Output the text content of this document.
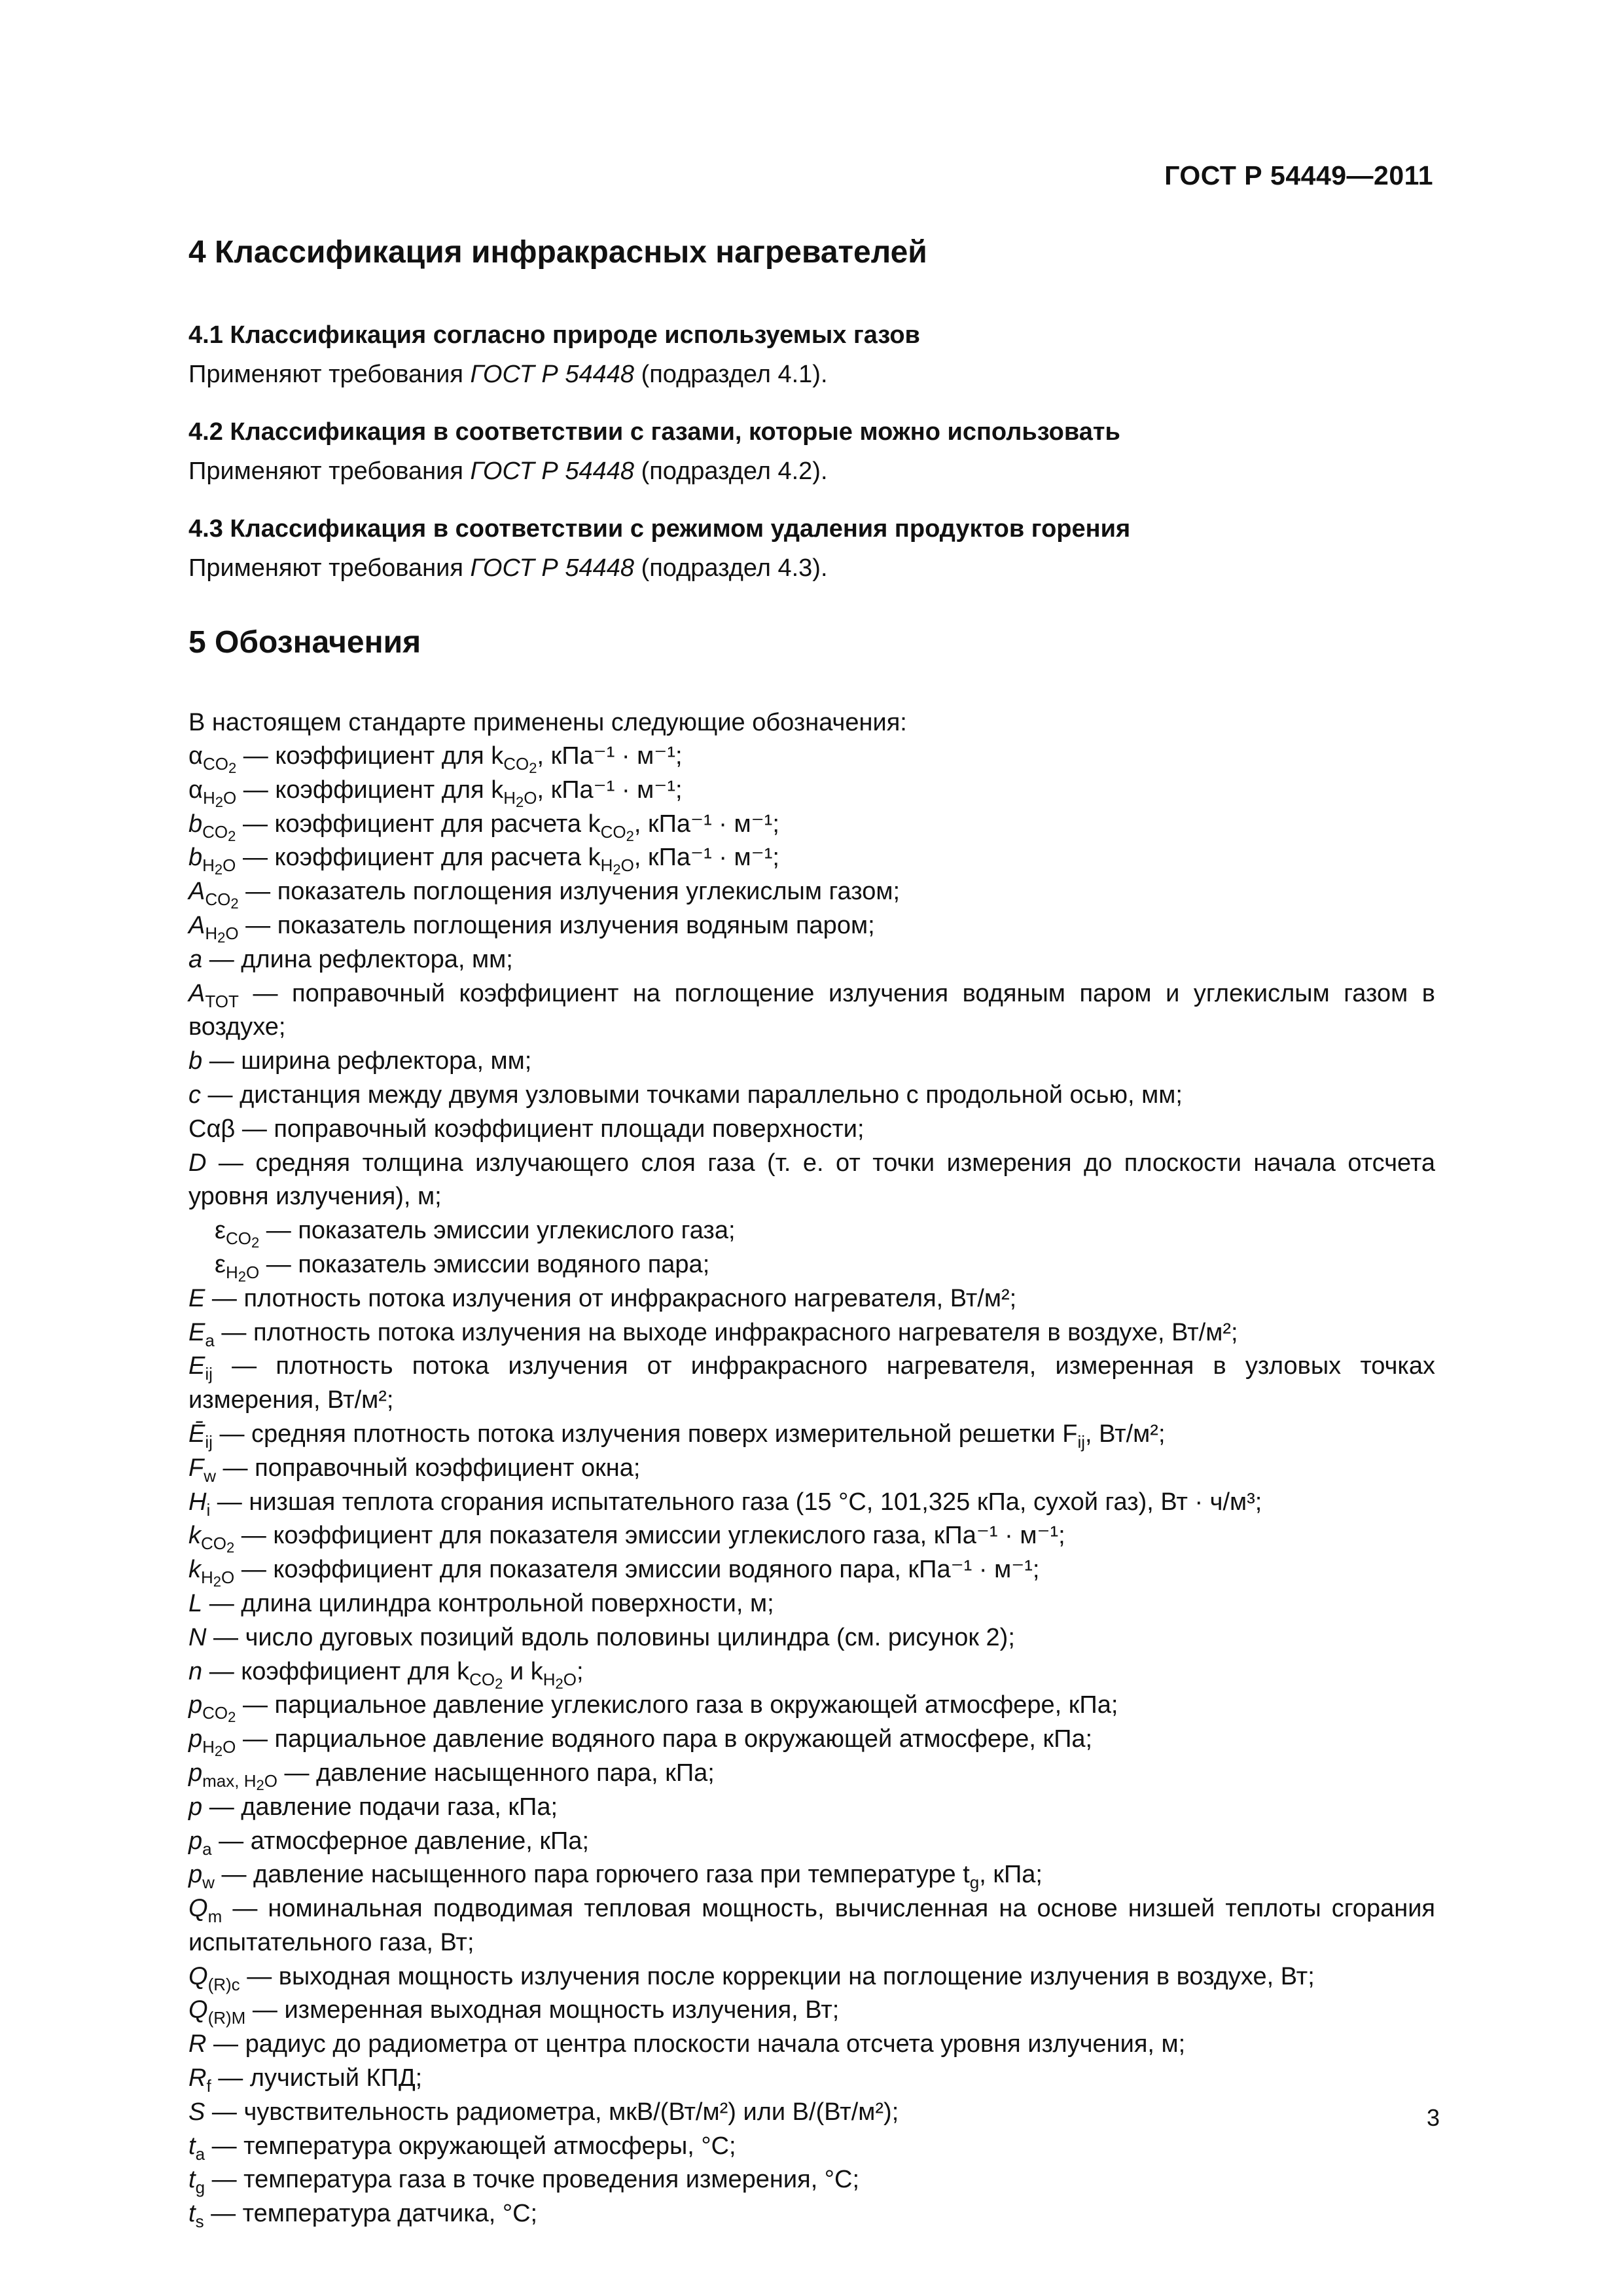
ГОСТ Р 54449—2011
4 Классификация инфракрасных нагревателей

4.1 Классификация согласно природе используемых газов

Применяют требования ГОСТ Р 54448 (подраздел 4.1).

4.2 Классификация в соответствии с газами, которые можно использовать

Применяют требования ГОСТ Р 54448 (подраздел 4.2).

4.3 Классификация в соответствии с режимом удаления продуктов горения

Применяют требования ГОСТ Р 54448 (подраздел 4.3).

5 Обозначения

В настоящем стандарте применены следующие обозначения:

$\alpha_{CO2}$ — коэффициент для $k_{CO2}$, кПа⁻¹ · м⁻¹;
$\alpha_{H2O}$ — коэффициент для $k_{H2O}$, кПа⁻¹ · м⁻¹;
$b_{CO2}$ — коэффициент для расчета $k_{CO2}$, кПа⁻¹ · м⁻¹;
$b_{H2O}$ — коэффициент для расчета $k_{H2O}$, кПа⁻¹ · м⁻¹;
$A_{CO2}$ — показатель поглощения излучения углекислым газом;
$A_{H2O}$ — показатель поглощения излучения водяным паром;
a — длина рефлектора, мм;
$A_{TOT}$ — поправочный коэффициент на поглощение излучения водяным паром и углекислым газом в воздухе;
b — ширина рефлектора, мм;
c — дистанция между двумя узловыми точками параллельно с продольной осью, мм;
Cαβ — поправочный коэффициент площади поверхности;
D — средняя толщина излучающего слоя газа (т. е. от точки измерения до плоскости начала отсчета уровня излучения), м;
$\varepsilon_{CO2}$ — показатель эмиссии углекислого газа;
$\varepsilon_{H2O}$ — показатель эмиссии водяного пара;
E — плотность потока излучения от инфракрасного нагревателя, Вт/м²;
$E_a$ — плотность потока излучения на выходе инфракрасного нагревателя в воздухе, Вт/м²;
$E_{ij}$ — плотность потока излучения от инфракрасного нагревателя, измеренная в узловых точках измерения, Вт/м²;
$Ē_{ij}$ — средняя плотность потока излучения поверх измерительной решетки $F_{ij}$, Вт/м²;
$F_w$ — поправочный коэффициент окна;
$H_i$ — низшая теплота сгорания испытательного газа (15 °С, 101,325 кПа, сухой газ), Вт · ч/м³;
$k_{CO2}$ — коэффициент для показателя эмиссии углекислого газа, кПа⁻¹ · м⁻¹;
$k_{H2O}$ — коэффициент для показателя эмиссии водяного пара, кПа⁻¹ · м⁻¹;
L — длина цилиндра контрольной поверхности, м;
N — число дуговых позиций вдоль половины цилиндра (см. рисунок 2);
n — коэффициент для $k_{CO2}$ и $k_{H2O}$;
$p_{CO2}$ — парциальное давление углекислого газа в окружающей атмосфере, кПа;
$p_{H2O}$ — парциальное давление водяного пара в окружающей атмосфере, кПа;
$p_{max, H2O}$ — давление насыщенного пара, кПа;
p — давление подачи газа, кПа;
$p_a$ — атмосферное давление, кПа;
$p_w$ — давление насыщенного пара горючего газа при температуре $t_g$, кПа;
$Q_m$ — номинальная подводимая тепловая мощность, вычисленная на основе низшей теплоты сгорания испытательного газа, Вт;
$Q_{(R)c}$ — выходная мощность излучения после коррекции на поглощение излучения в воздухе, Вт;
$Q_{(R)M}$ — измеренная выходная мощность излучения, Вт;
R — радиус до радиометра от центра плоскости начала отсчета уровня излучения, м;
$R_f$ — лучистый КПД;
S — чувствительность радиометра, мкВ/(Вт/м²) или В/(Вт/м²);
$t_a$ — температура окружающей атмосферы, °С;
$t_g$ — температура газа в точке проведения измерения, °С;
$t_s$ — температура датчика, °С;
3
